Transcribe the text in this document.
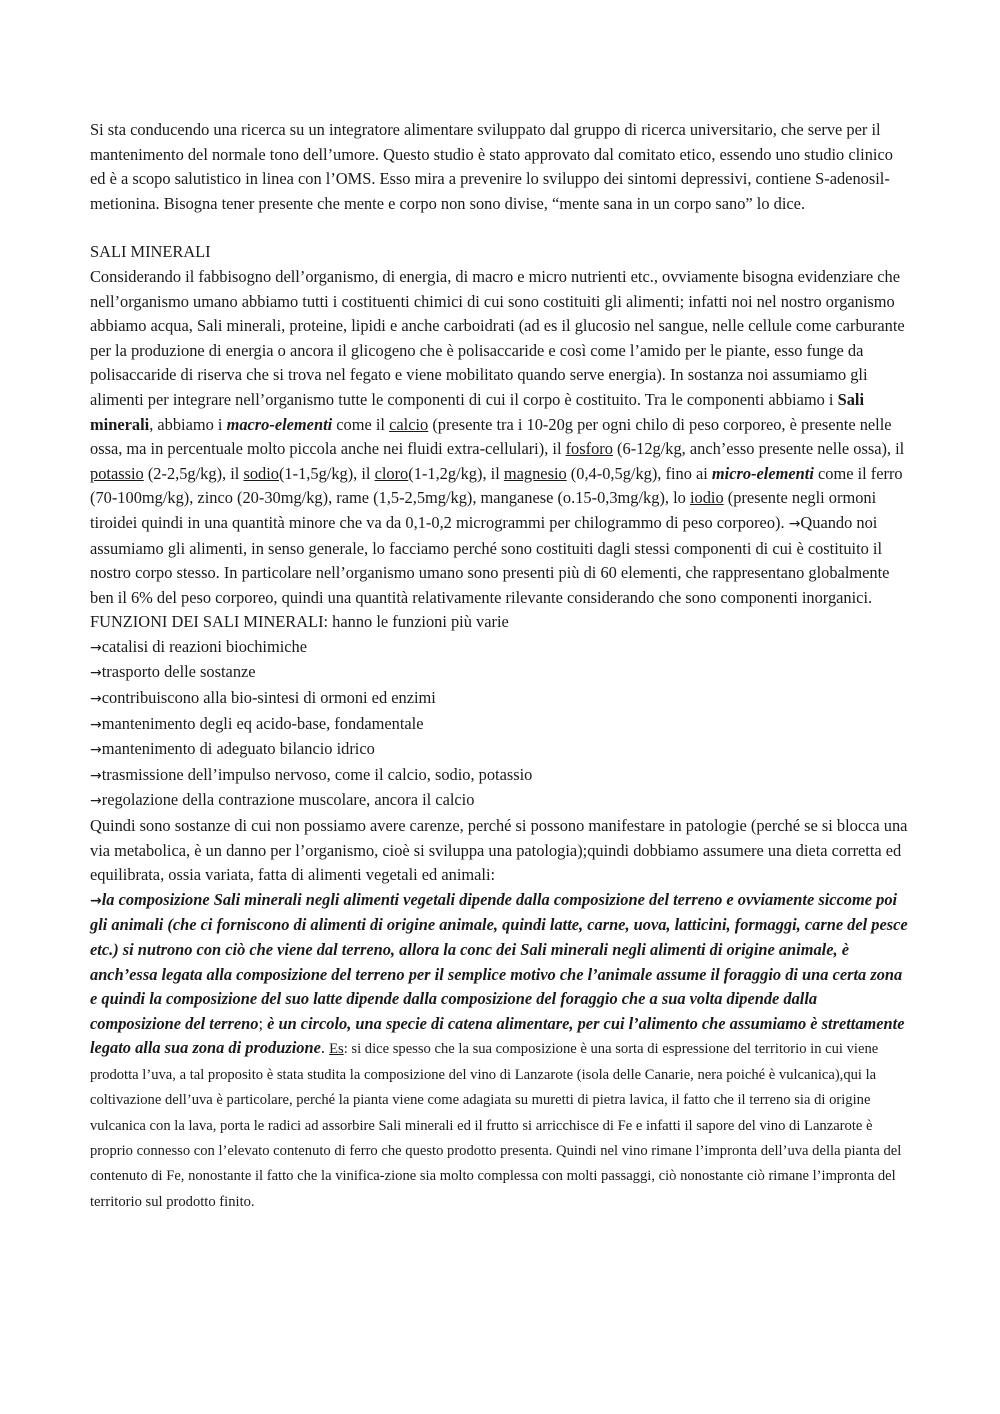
Si sta conducendo una ricerca su un integratore alimentare sviluppato dal gruppo di ricerca universitario, che serve per il mantenimento del normale tono dell’umore. Questo studio è stato approvato dal comitato etico, essendo uno studio clinico ed è a scopo salutistico in linea con l’OMS. Esso mira a prevenire lo sviluppo dei sintomi depressivi, contiene S-adenosil-metionina. Bisogna tener presente che mente e corpo non sono divise, “mente sana in un corpo sano” lo dice.

SALI MINERALI

Considerando il fabbisogno dell’organismo, di energia, di macro e micro nutrienti etc., ovviamente bisogna evidenziare che nell’organismo umano abbiamo tutti i costituenti chimici di cui sono costituiti gli alimenti; infatti noi nel nostro organismo abbiamo acqua, Sali minerali, proteine, lipidi e anche carboidrati (ad es il glucosio nel sangue, nelle cellule come carburante per la produzione di energia o ancora il glicogeno che è polisaccaride e così come l’amido per le piante, esso funge da polisaccaride di riserva che si trova nel fegato e viene mobilitato quando serve energia). In sostanza noi assumiamo gli alimenti per integrare nell’organismo tutte le componenti di cui il corpo è costituito. Tra le componenti abbiamo i Sali minerali, abbiamo i macro-elementi come il calcio (presente tra i 10-20g per ogni chilo di peso corporeo, è presente nelle ossa, ma in percentuale molto piccola anche nei fluidi extra-cellulari), il fosforo (6-12g/kg, anch’esso presente nelle ossa), il potassio (2-2,5g/kg), il sodio(1-1,5g/kg), il cloro(1-1,2g/kg), il magnesio (0,4-0,5g/kg), fino ai micro-elementi come il ferro (70-100mg/kg), zinco (20-30mg/kg), rame (1,5-2,5mg/kg), manganese (o.15-0,3mg/kg), lo iodio (presente negli ormoni tiroidei quindi in una quantità minore che va da 0,1-0,2 microgrammi per chilogrammo di peso corporeo). →Quando noi assumiamo gli alimenti, in senso generale, lo facciamo perché sono costituiti dagli stessi componenti di cui è costituito il nostro corpo stesso. In particolare nell’organismo umano sono presenti più di 60 elementi, che rappresentano globalmente ben il 6% del peso corporeo, quindi una quantità relativamente rilevante considerando che sono componenti inorganici.

FUNZIONI DEI SALI MINERALI: hanno le funzioni più varie

→catalisi di reazioni biochimiche

→trasporto delle sostanze

→contribuiscono alla bio-sintesi di ormoni ed enzimi

→mantenimento degli eq acido-base, fondamentale

→mantenimento di adeguato bilancio idrico

→trasmissione dell’impulso nervoso, come il calcio, sodio, potassio

→regolazione della contrazione muscolare, ancora il calcio

Quindi sono sostanze di cui non possiamo avere carenze, perché si possono manifestare in patologie (perché se si blocca una via metabolica, è un danno per l’organismo, cioè si sviluppa una patologia);quindi dobbiamo assumere una dieta corretta ed equilibrata, ossia variata, fatta di alimenti vegetali ed animali:

→la composizione Sali minerali negli alimenti vegetali dipende dalla composizione del terreno e ovviamente siccome poi gli animali (che ci forniscono di alimenti di origine animale, quindi latte, carne, uova, latticini, formaggi, carne del pesce etc.) si nutrono con ciò che viene dal terreno, allora la conc dei Sali minerali negli alimenti di origine animale, è anch’essa legata alla composizione del terreno per il semplice motivo che l’animale assume il foraggio di una certa zona e quindi la composizione del suo latte dipende dalla composizione del foraggio che a sua volta dipende dalla composizione del terreno; è un circolo, una specie di catena alimentare, per cui l’alimento che assumiamo è strettamente legato alla sua zona di produzione. Es: si dice spesso che la sua composizione è una sorta di espressione del territorio in cui viene prodotta l’uva, a tal proposito è stata studita la composizione del vino di Lanzarote (isola delle Canarie, nera poiché è vulcanica),qui la coltivazione dell’uva è particolare, perché la pianta viene come adagiata su muretti di pietra lavica, il fatto che il terreno sia di origine vulcanica con la lava, porta le radici ad assorbire Sali minerali ed il frutto si arricchisce di Fe e infatti il sapore del vino di Lanzarote è proprio connesso con l’elevato contenuto di ferro che questo prodotto presenta. Quindi nel vino rimane l’impronta dell’uva della pianta del contenuto di Fe, nonostante il fatto che la vinifica-zione sia molto complessa con molti passaggi, ciò nonostante ciò rimane l’impronta del territorio sul prodotto finito.
